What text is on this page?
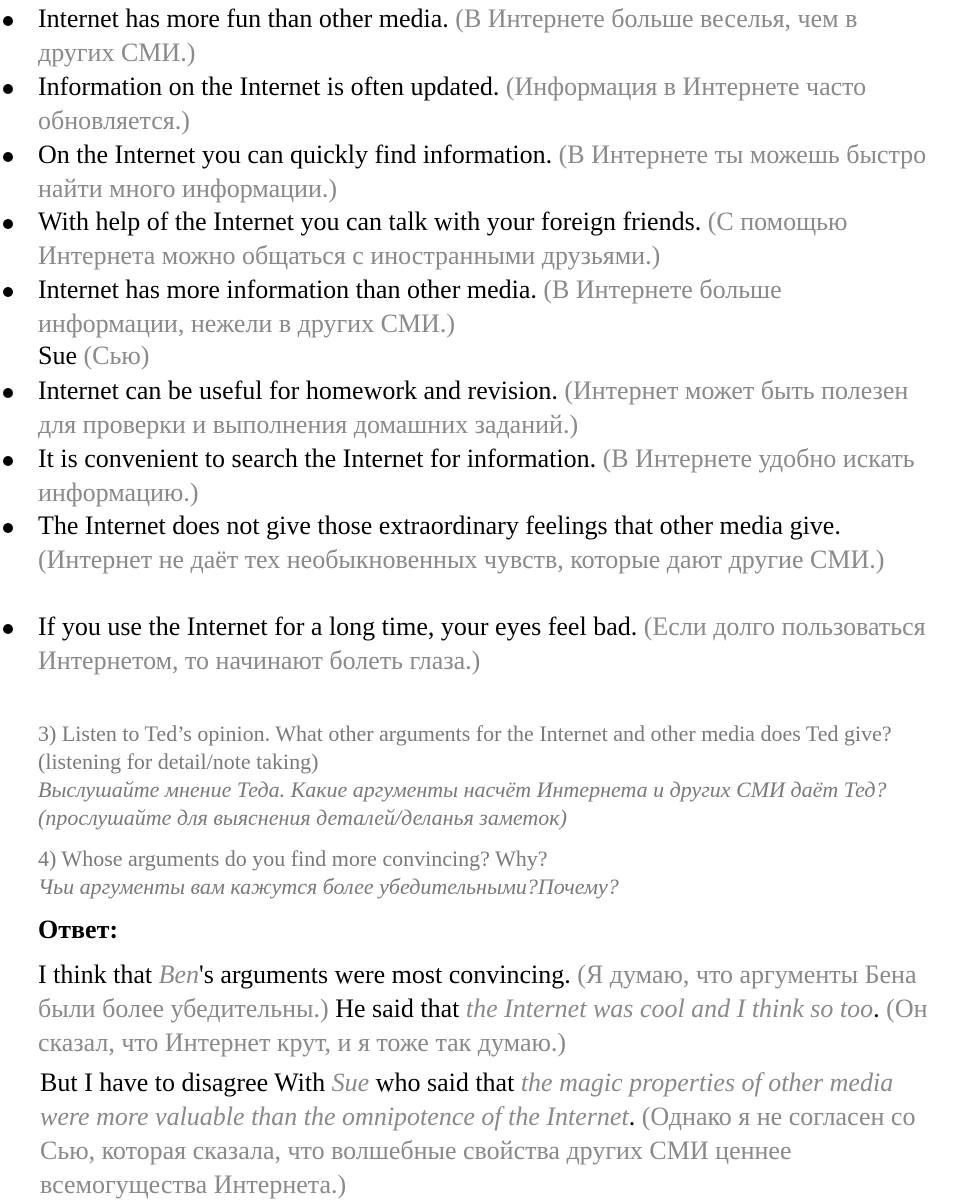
Internet has more fun than other media. (В Интернете больше веселья, чем в других СМИ.)
Information on the Internet is often updated. (Информация в Интернете часто обновляется.)
On the Internet you can quickly find information. (В Интернете ты можешь быстро найти много информации.)
With help of the Internet you can talk with your foreign friends. (С помощью Интернета можно общаться с иностранными друзьями.)
Internet has more information than other media. (В Интернете больше информации, нежели в других СМИ.)
Sue (Сью)
Internet can be useful for homework and revision. (Интернет может быть полезен для проверки и выполнения домашних заданий.)
It is convenient to search the Internet for information. (В Интернете удобно искать информацию.)
The Internet does not give those extraordinary feelings that other media give. (Интернет не даёт тех необыкновенных чувств, которые дают другие СМИ.)
If you use the Internet for a long time, your eyes feel bad. (Если долго пользоваться Интернетом, то начинают болеть глаза.)
3) Listen to Ted’s opinion. What other arguments for the Internet and other media does Ted give? (listening for detail/note taking)
Выслушайте мнение Теда. Какие аргументы насчёт Интернета и других СМИ даёт Тед?(прослушайте для выяснения деталей/деланья заметок)
4) Whose arguments do you find more convincing? Why?
Чьи аргументы вам кажутся более убедительными?Почему?
Ответ:
I think that Ben's arguments were most convincing. (Я думаю, что аргументы Бена были более убедительны.) He said that the Internet was cool and I think so too. (Он сказал, что Интернет крут, и я тоже так думаю.)
But I have to disagree With Sue who said that the magic properties of other media were more valuable than the omnipotence of the Internet. (Однако я не согласен со Сью, которая сказала, что волшебные свойства других СМИ ценнее всемогущества Интернета.)
